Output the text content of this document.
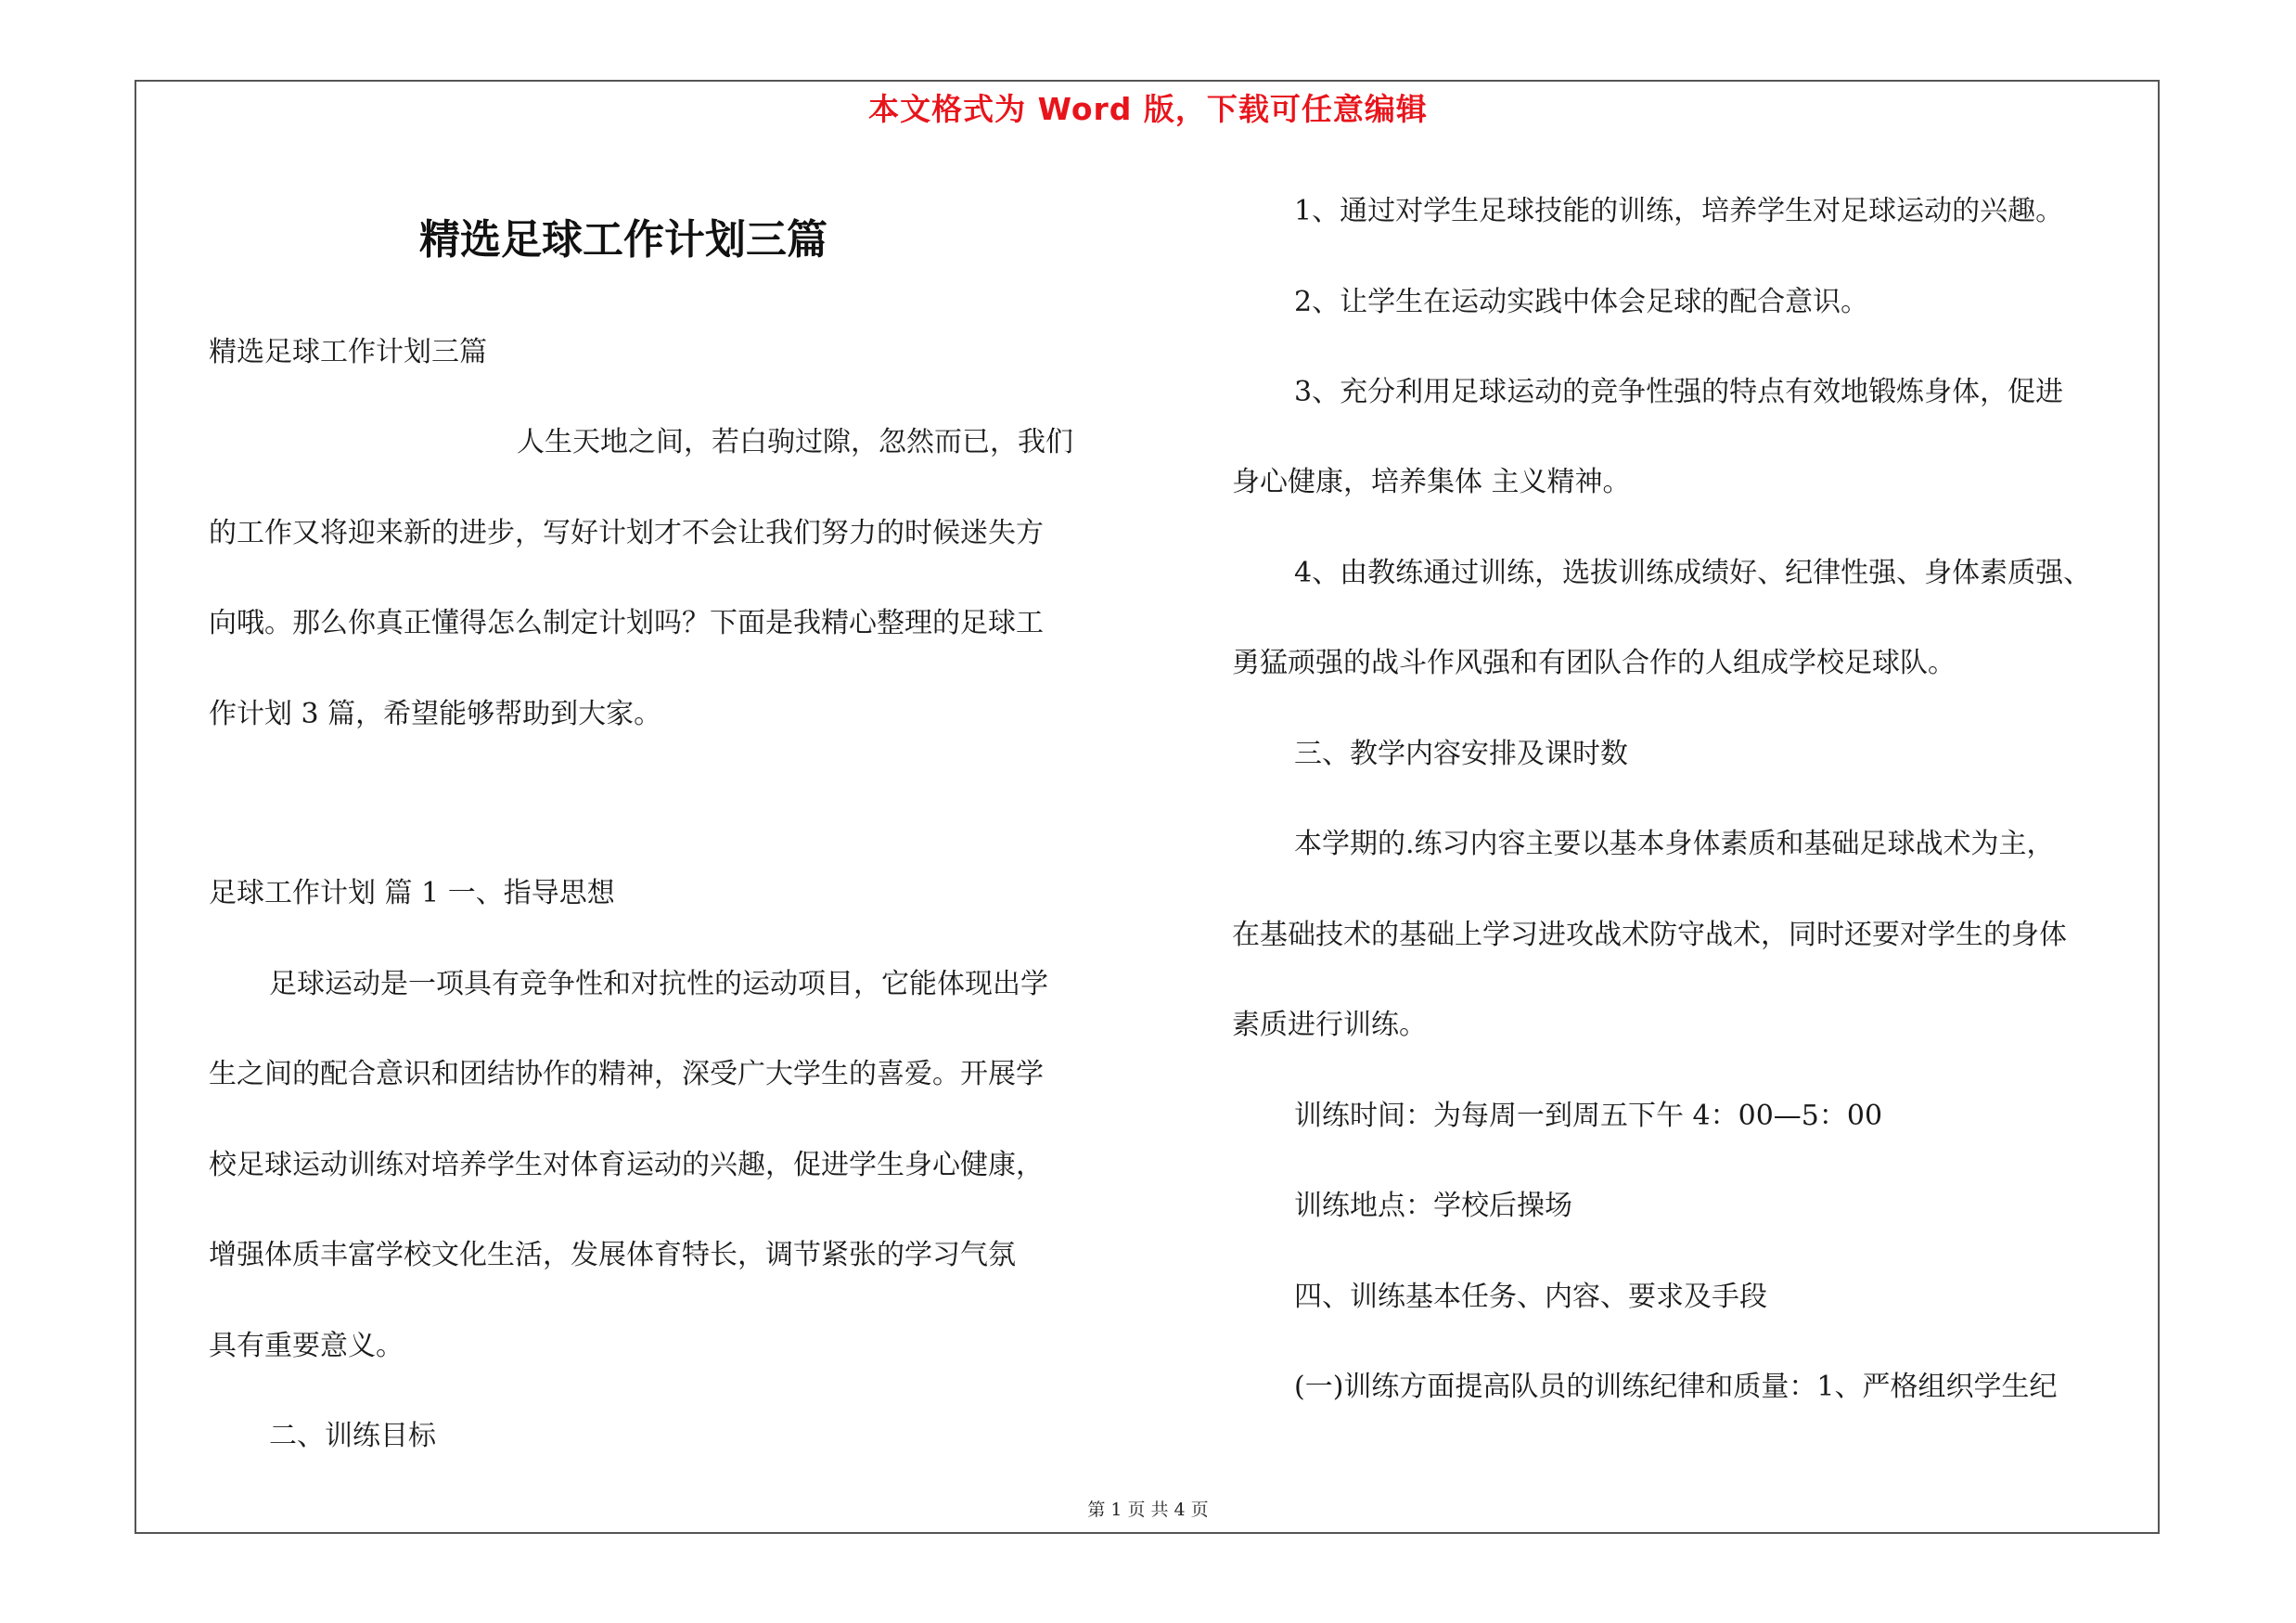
本文格式为 Word 版，下载可任意编辑
精选足球工作计划三篇
精选足球工作计划三篇
人生天地之间，若白驹过隙，忽然而已，我们
的工作又将迎来新的进步，写好计划才不会让我们努力的时候迷失方
向哦。那么你真正懂得怎么制定计划吗？下面是我精心整理的足球工
作计划 3 篇，希望能够帮助到大家。
足球工作计划 篇 1 一、指导思想
足球运动是一项具有竞争性和对抗性的运动项目，它能体现出学
生之间的配合意识和团结协作的精神，深受广大学生的喜爱。开展学
校足球运动训练对培养学生对体育运动的兴趣，促进学生身心健康，
增强体质丰富学校文化生活，发展体育特长，调节紧张的学习气氛
具有重要意义。
二、训练目标
1、通过对学生足球技能的训练，培养学生对足球运动的兴趣。
2、让学生在运动实践中体会足球的配合意识。
3、充分利用足球运动的竞争性强的特点有效地锻炼身体，促进
身心健康，培养集体 主义精神。
4、由教练通过训练，选拔训练成绩好、纪律性强、身体素质强、
勇猛顽强的战斗作风强和有团队合作的人组成学校足球队。
三、教学内容安排及课时数
本学期的.练习内容主要以基本身体素质和基础足球战术为主，
在基础技术的基础上学习进攻战术防守战术，同时还要对学生的身体
素质进行训练。
训练时间：为每周一到周五下午 4：00—5：00
训练地点：学校后操场
四、训练基本任务、内容、要求及手段
(一)训练方面提高队员的训练纪律和质量：1、严格组织学生纪
第 1 页 共 4 页
